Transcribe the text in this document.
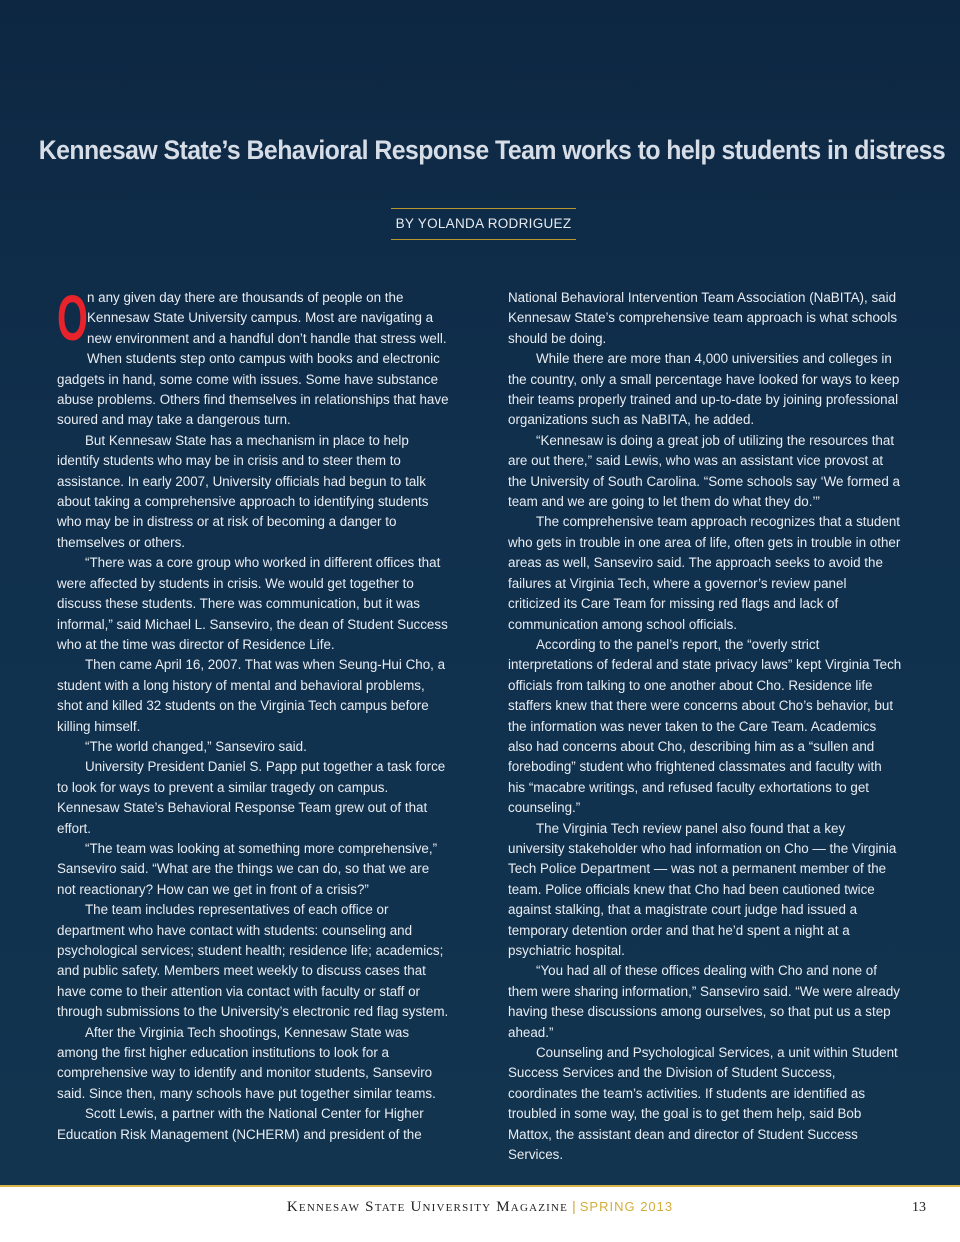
Kennesaw State’s Behavioral Response Team works to help students in distress
BY YOLANDA RODRIGUEZ

On any given day there are thousands of people on the Kennesaw State University campus. Most are navigating a new environment and a handful don’t handle that stress well. When students step onto campus with books and electronic gadgets in hand, some come with issues. Some have substance abuse problems. Others find themselves in relationships that have soured and may take a dangerous turn.

But Kennesaw State has a mechanism in place to help identify students who may be in crisis and to steer them to assistance. In early 2007, University officials had begun to talk about taking a comprehensive approach to identifying students who may be in distress or at risk of becoming a danger to themselves or others.

“There was a core group who worked in different offices that were affected by students in crisis. We would get together to discuss these students. There was communication, but it was informal,” said Michael L. Sanseviro, the dean of Student Success who at the time was director of Residence Life.

Then came April 16, 2007. That was when Seung-Hui Cho, a student with a long history of mental and behavioral problems, shot and killed 32 students on the Virginia Tech campus before killing himself.

“The world changed,” Sanseviro said.

University President Daniel S. Papp put together a task force to look for ways to prevent a similar tragedy on campus. Kennesaw State’s Behavioral Response Team grew out of that effort.

“The team was looking at something more comprehensive,” Sanseviro said. “What are the things we can do, so that we are not reactionary? How can we get in front of a crisis?”

The team includes representatives of each office or department who have contact with students: counseling and psychological services; student health; residence life; academics; and public safety. Members meet weekly to discuss cases that have come to their attention via contact with faculty or staff or through submissions to the University’s electronic red flag system.

After the Virginia Tech shootings, Kennesaw State was among the first higher education institutions to look for a comprehensive way to identify and monitor students, Sanseviro said. Since then, many schools have put together similar teams.

Scott Lewis, a partner with the National Center for Higher Education Risk Management (NCHERM) and president of the

National Behavioral Intervention Team Association (NaBITA), said Kennesaw State’s comprehensive team approach is what schools should be doing.

While there are more than 4,000 universities and colleges in the country, only a small percentage have looked for ways to keep their teams properly trained and up-to-date by joining professional organizations such as NaBITA, he added.

“Kennesaw is doing a great job of utilizing the resources that are out there,” said Lewis, who was an assistant vice provost at the University of South Carolina. “Some schools say ‘We formed a team and we are going to let them do what they do.’”

The comprehensive team approach recognizes that a student who gets in trouble in one area of life, often gets in trouble in other areas as well, Sanseviro said. The approach seeks to avoid the failures at Virginia Tech, where a governor’s review panel criticized its Care Team for missing red flags and lack of communication among school officials.

According to the panel’s report, the “overly strict interpretations of federal and state privacy laws” kept Virginia Tech officials from talking to one another about Cho. Residence life staffers knew that there were concerns about Cho’s behavior, but the information was never taken to the Care Team. Academics also had concerns about Cho, describing him as a “sullen and foreboding” student who frightened classmates and faculty with his “macabre writings, and refused faculty exhortations to get counseling.”

The Virginia Tech review panel also found that a key university stakeholder who had information on Cho — the Virginia Tech Police Department — was not a permanent member of the team. Police officials knew that Cho had been cautioned twice against stalking, that a magistrate court judge had issued a temporary detention order and that he’d spent a night at a psychiatric hospital.

“You had all of these offices dealing with Cho and none of them were sharing information,” Sanseviro said. “We were already having these discussions among ourselves, so that put us a step ahead.”

Counseling and Psychological Services, a unit within Student Success Services and the Division of Student Success, coordinates the team’s activities. If students are identified as troubled in some way, the goal is to get them help, said Bob Mattox, the assistant dean and director of Student Success Services.

Kennesaw State University Magazine | SPRING 2013	13
